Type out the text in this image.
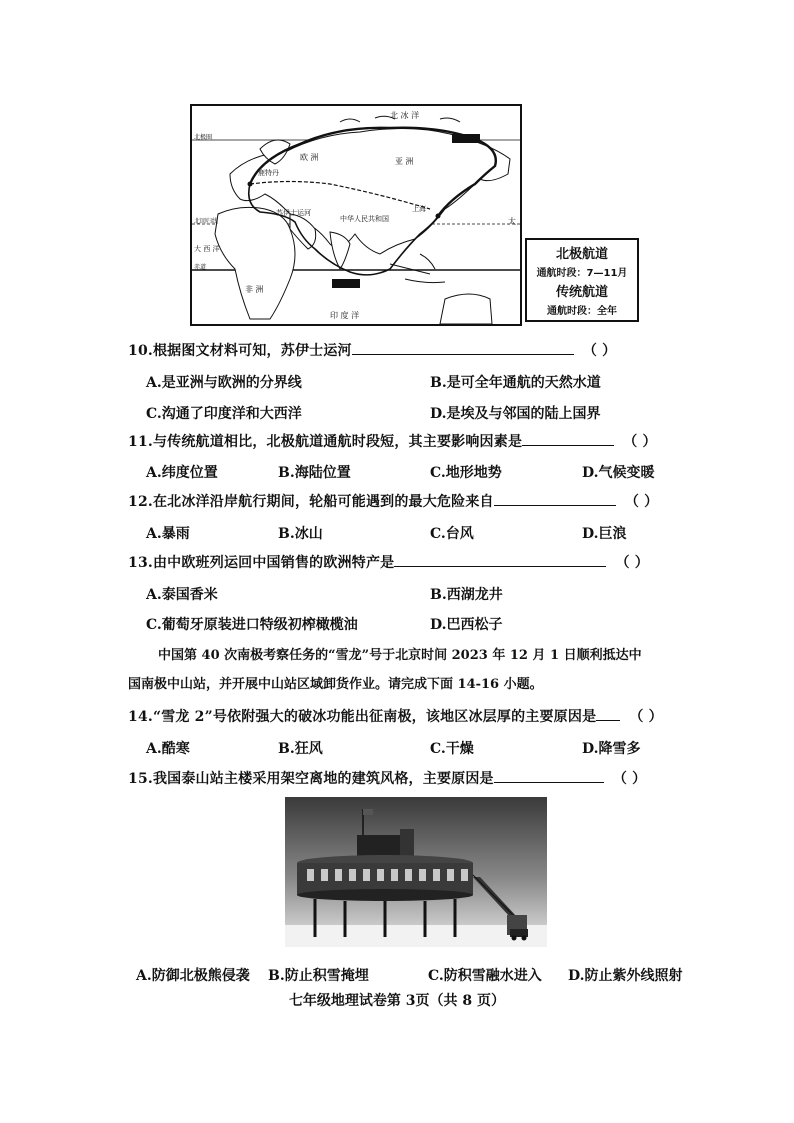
北 冰 洋
欧 洲
鹿特丹
亚 洲
苏伊士运河
中华人民共和国
上海
非 洲
大 西 洋
印 度 洋
太
北极圈
北回归线
赤道
北极航道
通航时段：7—11月
传统航道
通航时段：全年
10.根据图文材料可知，苏伊士运河	（ ）
A.是亚洲与欧洲的分界线	B.是可全年通航的天然水道
C.沟通了印度洋和大西洋	D.是埃及与邻国的陆上国界
11.与传统航道相比，北极航道通航时段短，其主要影响因素是	（ ）
A.纬度位置	B.海陆位置	C.地形地势	D.气候变暖
12.在北冰洋沿岸航行期间，轮船可能遇到的最大危险来自	（ ）
A.暴雨	B.冰山	C.台风	D.巨浪
13.由中欧班列运回中国销售的欧洲特产是	（ ）
A.泰国香米	B.西湖龙井
C.葡萄牙原装进口特级初榨橄榄油	D.巴西松子
中国第 40 次南极考察任务的“雪龙”号于北京时间 2023 年 12 月 1 日顺利抵达中
国南极中山站，并开展中山站区域卸货作业。请完成下面 14-16 小题。
14.“雪龙 2”号依附强大的破冰功能出征南极，该地区冰层厚的主要原因是 （ ）
A.酷寒	B.狂风	C.干燥	D.降雪多
15.我国泰山站主楼采用架空离地的建筑风格，主要原因是	（ ）
A.防御北极熊侵袭 B.防止积雪掩埋	C.防积雪融水进入 D.防止紫外线照射
七年级地理试卷第 3页（共 8 页）
